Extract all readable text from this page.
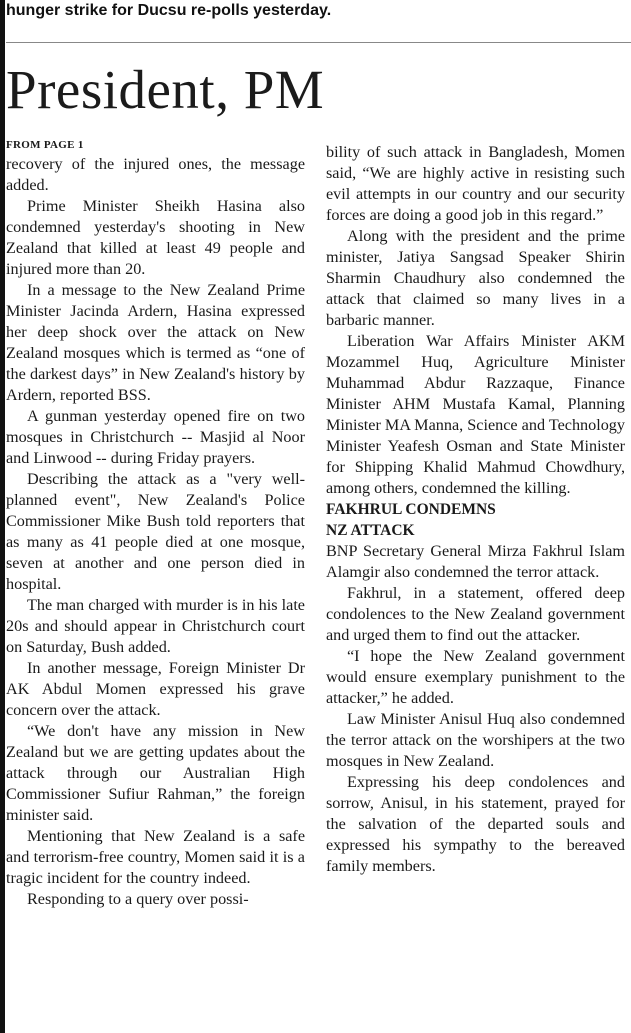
hunger strike for Ducsu re-polls yesterday.
President, PM
FROM PAGE 1

recovery of the injured ones, the message added.

Prime Minister Sheikh Hasina also condemned yesterday's shooting in New Zealand that killed at least 49 people and injured more than 20.

In a message to the New Zealand Prime Minister Jacinda Ardern, Hasina expressed her deep shock over the attack on New Zealand mosques which is termed as “one of the darkest days” in New Zealand's history by Ardern, reported BSS.

A gunman yesterday opened fire on two mosques in Christchurch -- Masjid al Noor and Linwood -- during Friday prayers.

Describing the attack as a "very well-planned event", New Zealand's Police Commissioner Mike Bush told reporters that as many as 41 people died at one mosque, seven at another and one person died in hospital.

The man charged with murder is in his late 20s and should appear in Christchurch court on Saturday, Bush added.

In another message, Foreign Minister Dr AK Abdul Momen expressed his grave concern over the attack.

“We don't have any mission in New Zealand but we are getting updates about the attack through our Australian High Commissioner Sufiur Rahman,” the foreign minister said.

Mentioning that New Zealand is a safe and terrorism-free country, Momen said it is a tragic incident for the country indeed.

Responding to a query over possi-

bility of such attack in Bangladesh, Momen said, “We are highly active in resisting such evil attempts in our country and our security forces are doing a good job in this regard.”

Along with the president and the prime minister, Jatiya Sangsad Speaker Shirin Sharmin Chaudhury also condemned the attack that claimed so many lives in a barbaric manner.

Liberation War Affairs Minister AKM Mozammel Huq, Agriculture Minister Muhammad Abdur Razzaque, Finance Minister AHM Mustafa Kamal, Planning Minister MA Manna, Science and Technology Minister Yeafesh Osman and State Minister for Shipping Khalid Mahmud Chowdhury, among others, condemned the killing.

FAKHRUL CONDEMNS
NZ ATTACK

BNP Secretary General Mirza Fakhrul Islam Alamgir also condemned the terror attack.

Fakhrul, in a statement, offered deep condolences to the New Zealand government and urged them to find out the attacker.

“I hope the New Zealand government would ensure exemplary punishment to the attacker,” he added.

Law Minister Anisul Huq also condemned the terror attack on the worshipers at the two mosques in New Zealand.

Expressing his deep condolences and sorrow, Anisul, in his statement, prayed for the salvation of the departed souls and expressed his sympathy to the bereaved family members.
